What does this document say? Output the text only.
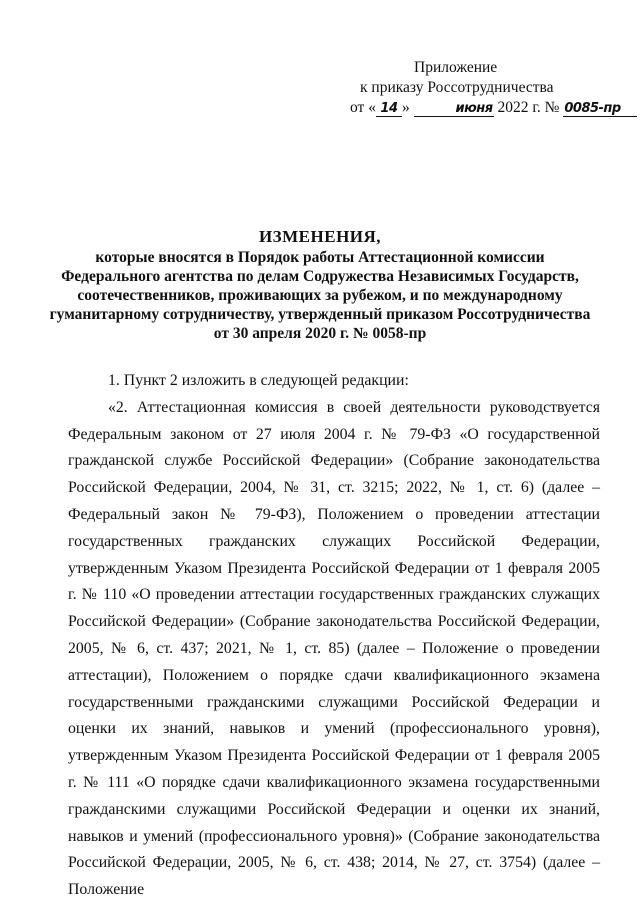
Приложение
к приказу Россотрудничества
от « 14 »	июня 2022 г. № 0085-пр
ИЗМЕНЕНИЯ,
которые вносятся в Порядок работы Аттестационной комиссии
Федерального агентства по делам Содружества Независимых Государств,
соотечественников, проживающих за рубежом, и по международному
гуманитарному сотрудничеству, утвержденный приказом Россотрудничества
от 30 апреля 2020 г. № 0058-пр

1. Пункт 2 изложить в следующей редакции:

«2. Аттестационная комиссия в своей деятельности руководствуется Федеральным законом от 27 июля 2004 г. № 79-ФЗ «О государственной гражданской службе Российской Федерации» (Собрание законодательства Российской Федерации, 2004, № 31, ст. 3215; 2022, № 1, ст. 6) (далее – Федеральный закон № 79-ФЗ), Положением о проведении аттестации государственных гражданских служащих Российской Федерации, утвержденным Указом Президента Российской Федерации от 1 февраля 2005 г. № 110 «О проведении аттестации государственных гражданских служащих Российской Федерации» (Собрание законодательства Российской Федерации, 2005, № 6, ст. 437; 2021, № 1, ст. 85) (далее – Положение о проведении аттестации), Положением о порядке сдачи квалификационного экзамена государственными гражданскими служащими Российской Федерации и оценки их знаний, навыков и умений (профессионального уровня), утвержденным Указом Президента Российской Федерации от 1 февраля 2005 г. № 111 «О порядке сдачи квалификационного экзамена государственными гражданскими служащими Российской Федерации и оценки их знаний, навыков и умений (профессионального уровня)» (Собрание законодательства Российской Федерации, 2005, № 6, ст. 438; 2014, № 27, ст. 3754) (далее – Положение
